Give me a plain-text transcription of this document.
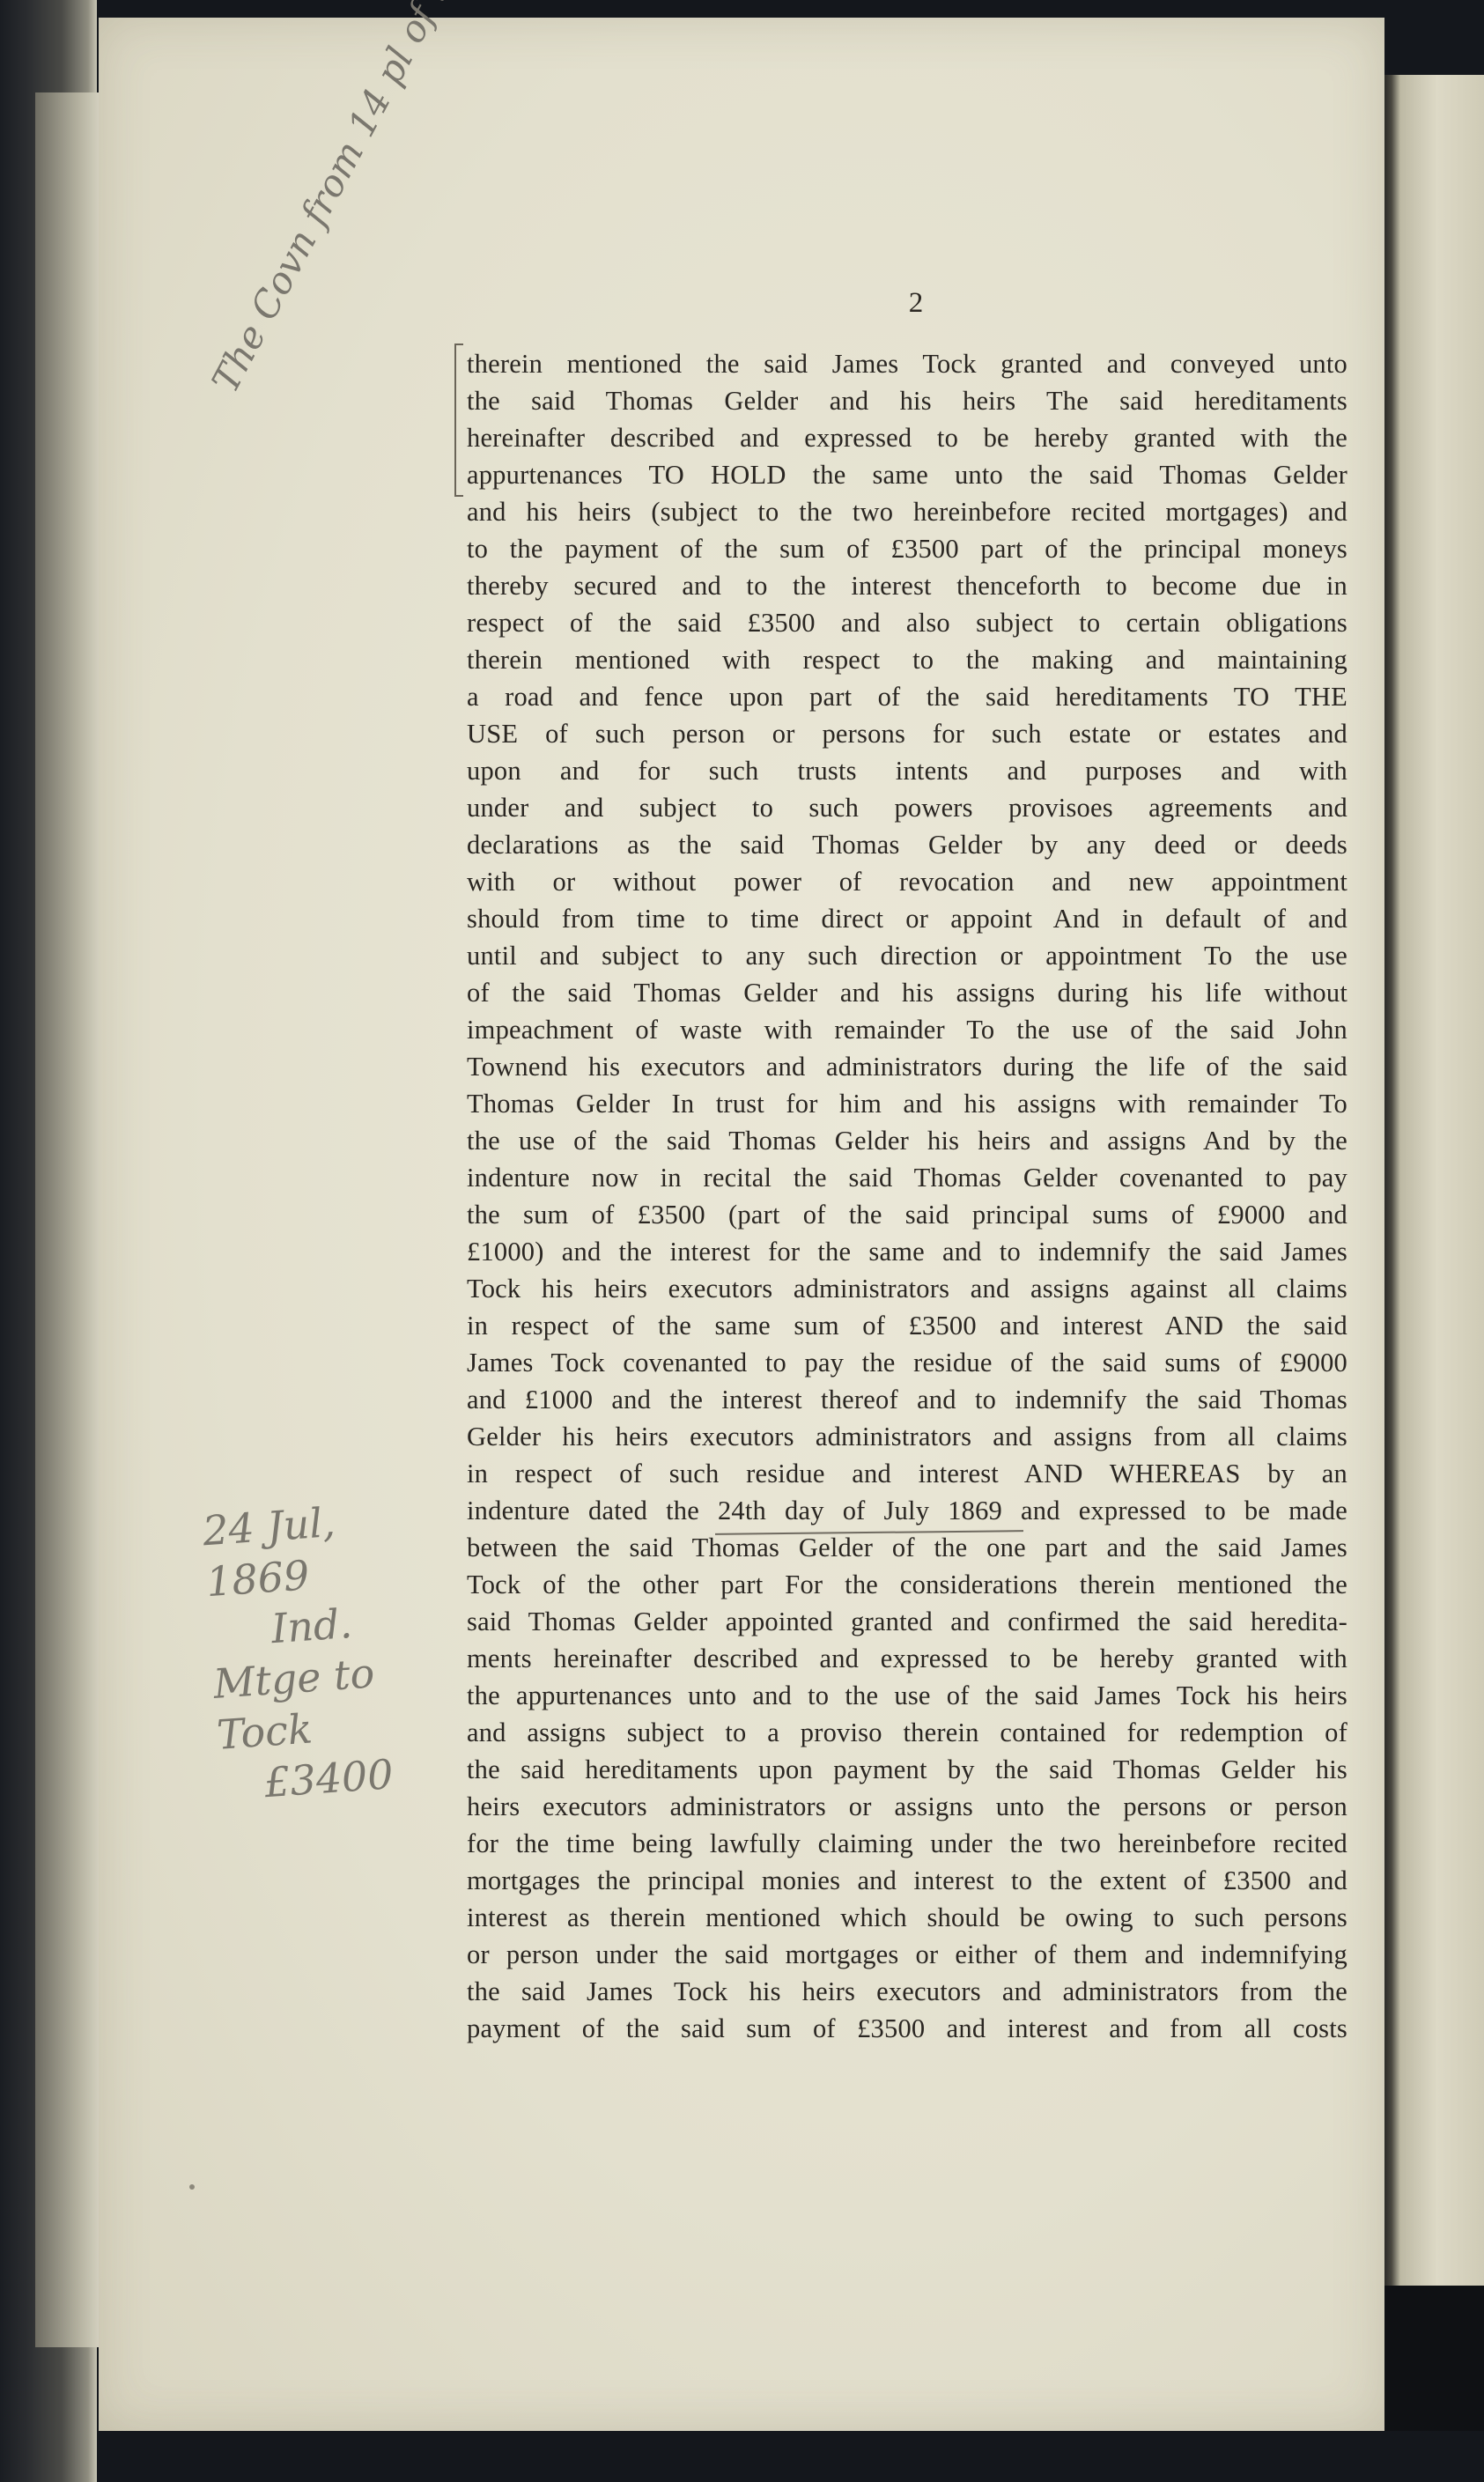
2
24 Jul, 1869
Ind.
Mtge to Tock
£3400
therein mentioned the said James Tock granted and conveyed unto
the said Thomas Gelder and his heirs The said hereditaments
hereinafter described and expressed to be hereby granted with the
appurtenances TO HOLD the same unto the said Thomas Gelder
and his heirs (subject to the two hereinbefore recited mortgages) and
to the payment of the sum of £3500 part of the principal moneys
thereby secured and to the interest thenceforth to become due in
respect of the said £3500 and also subject to certain obligations
therein mentioned with respect to the making and maintaining
a road and fence upon part of the said hereditaments TO THE
USE of such person or persons for such estate or estates and
upon and for such trusts intents and purposes and with
under and subject to such powers provisoes agreements and
declarations as the said Thomas Gelder by any deed or deeds
with or without power of revocation and new appointment
should from time to time direct or appoint And in default of and
until and subject to any such direction or appointment To the use
of the said Thomas Gelder and his assigns during his life without
impeachment of waste with remainder To the use of the said John
Townend his executors and administrators during the life of the said
Thomas Gelder In trust for him and his assigns with remainder To
the use of the said Thomas Gelder his heirs and assigns And by the
indenture now in recital the said Thomas Gelder covenanted to pay
the sum of £3500 (part of the said principal sums of £9000 and
£1000) and the interest for the same and to indemnify the said James
Tock his heirs executors administrators and assigns against all claims
in respect of the same sum of £3500 and interest AND the said
James Tock covenanted to pay the residue of the said sums of £9000
and £1000 and the interest thereof and to indemnify the said Thomas
Gelder his heirs executors administrators and assigns from all claims
in respect of such residue and interest AND WHEREAS by an
indenture dated the 24th day of July 1869 and expressed to be made
between the said Thomas Gelder of the one part and the said James
Tock of the other part For the considerations therein mentioned the
said Thomas Gelder appointed granted and confirmed the said heredita-
ments hereinafter described and expressed to be hereby granted with
the appurtenances unto and to the use of the said James Tock his heirs
and assigns subject to a proviso therein contained for redemption of
the said hereditaments upon payment by the said Thomas Gelder his
heirs executors administrators or assigns unto the persons or person
for the time being lawfully claiming under the two hereinbefore recited
mortgages the principal monies and interest to the extent of £3500 and
interest as therein mentioned which should be owing to such persons
or person under the said mortgages or either of them and indemnifying
the said James Tock his heirs executors and administrators from the
payment of the said sum of £3500 and interest and from all costs
